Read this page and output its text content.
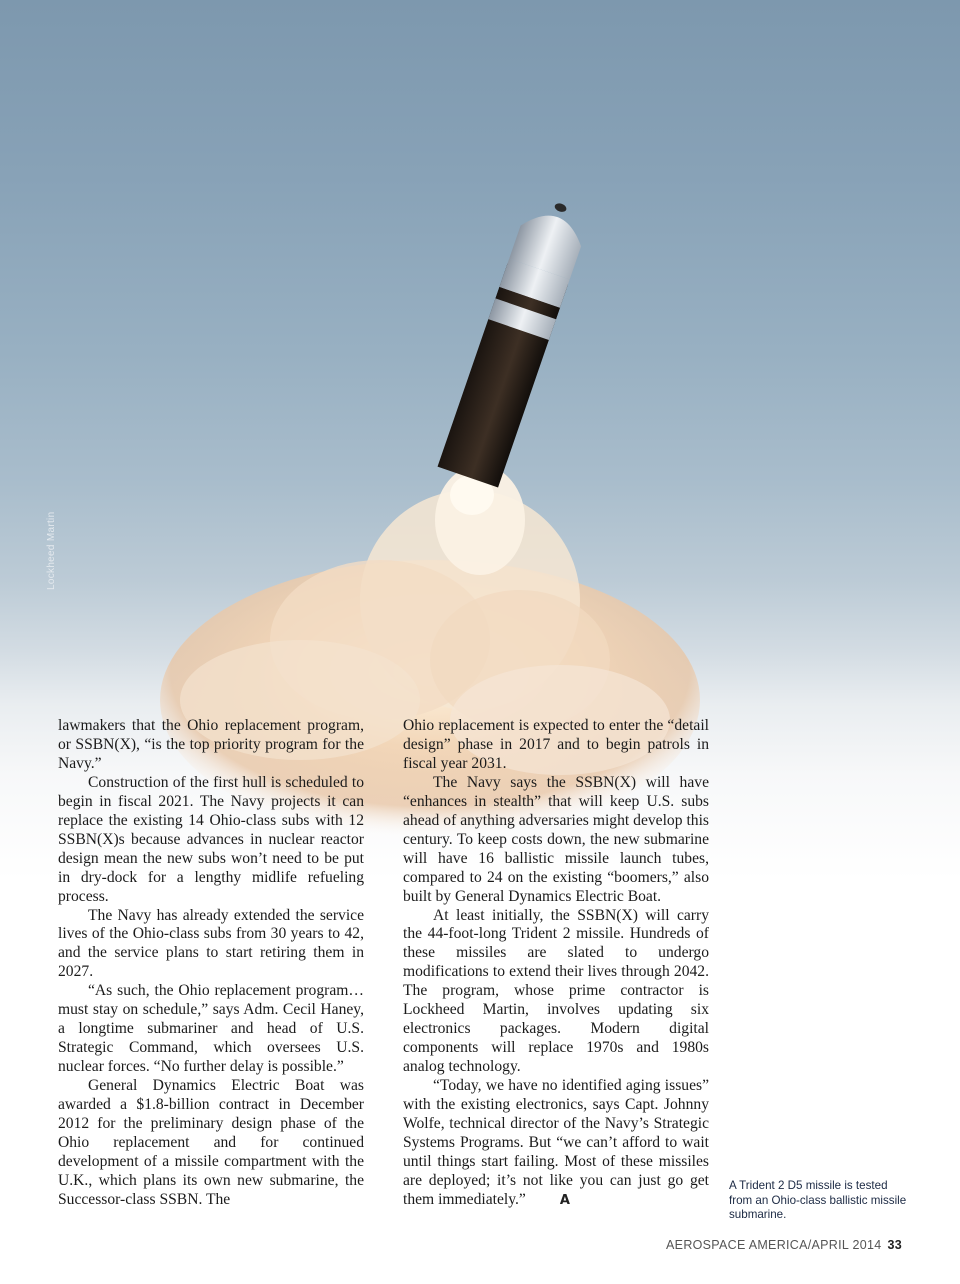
Lockheed Martin

lawmakers that the Ohio replacement program, or SSBN(X), “is the top priority program for the Navy.”

Construction of the first hull is scheduled to begin in fiscal 2021. The Navy projects it can replace the existing 14 Ohio-class subs with 12 SSBN(X)s because advances in nuclear reactor design mean the new subs won’t need to be put in dry-dock for a lengthy midlife refueling process.

The Navy has already extended the service lives of the Ohio-class subs from 30 years to 42, and the service plans to start retiring them in 2027.

“As such, the Ohio replacement program… must stay on schedule,” says Adm. Cecil Haney, a longtime submariner and head of U.S. Strategic Command, which oversees U.S. nuclear forces. “No further delay is possible.”

General Dynamics Electric Boat was awarded a $1.8-billion contract in December 2012 for the preliminary design phase of the Ohio replacement and for continued development of a missile compartment with the U.K., which plans its own new submarine, the Successor-class SSBN. The

Ohio replacement is expected to enter the “detail design” phase in 2017 and to begin patrols in fiscal year 2031.

The Navy says the SSBN(X) will have “enhances in stealth” that will keep U.S. subs ahead of anything adversaries might develop this century. To keep costs down, the new submarine will have 16 ballistic missile launch tubes, compared to 24 on the existing “boomers,” also built by General Dynamics Electric Boat.

At least initially, the SSBN(X) will carry the 44-foot-long Trident 2 missile. Hundreds of these missiles are slated to undergo modifications to extend their lives through 2042. The program, whose prime contractor is Lockheed Martin, involves updating six electronics packages. Modern digital components will replace 1970s and 1980s analog technology.

“Today, we have no identified aging issues” with the existing electronics, says Capt. Johnny Wolfe, technical director of the Navy’s Strategic Systems Programs. But “we can’t afford to wait until things start failing. Most of these missiles are deployed; it’s not like you can just go get them immediately.”	A

A Trident 2 D5 missile is tested from an Ohio-class ballistic missile submarine.
AEROSPACE AMERICA/APRIL 2014 33
